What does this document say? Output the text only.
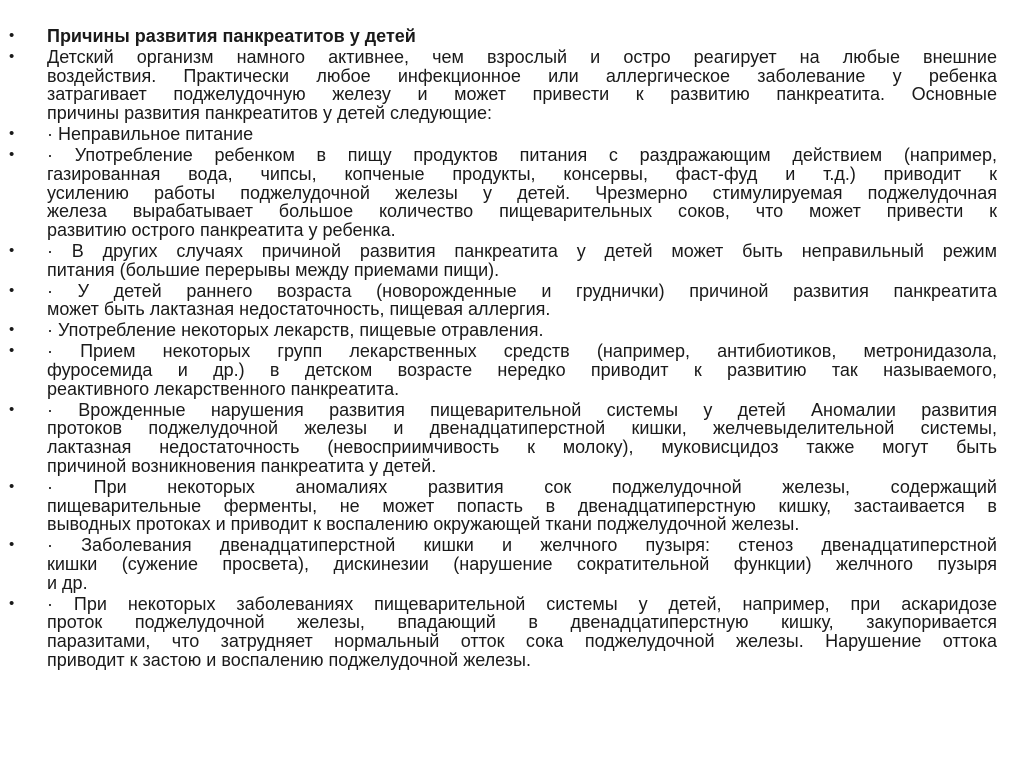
• Причины развития панкреатитов у детей
• Детский организм намного активнее, чем взрослый и остро реагирует на любые внешние
воздействия. Практически любое инфекционное или аллергическое заболевание у ребенка
затрагивает поджелудочную железу и может привести к развитию панкреатита. Основные
причины развития панкреатитов у детей следующие:
• · Неправильное питание
• · Употребление ребенком в пищу продуктов питания с раздражающим действием (например,
газированная вода, чипсы, копченые продукты, консервы, фаст-фуд и т.д.) приводит к
усилению работы поджелудочной железы у детей. Чрезмерно стимулируемая поджелудочная
железа вырабатывает большое количество пищеварительных соков, что может привести к
развитию острого панкреатита у ребенка.
• · В других случаях причиной развития панкреатита у детей может быть неправильный режим
питания (большие перерывы между приемами пищи).
• · У детей раннего возраста (новорожденные и груднички) причиной развития панкреатита
может быть лактазная недостаточность, пищевая аллергия.
• · Употребление некоторых лекарств, пищевые отравления.
• · Прием некоторых групп лекарственных средств (например, антибиотиков, метронидазола,
фуросемида и др.) в детском возрасте нередко приводит к развитию так называемого,
реактивного лекарственного панкреатита.
• · Врожденные нарушения развития пищеварительной системы у детей Аномалии развития
протоков поджелудочной железы и двенадцатиперстной кишки, желчевыделительной системы,
лактазная недостаточность (невосприимчивость к молоку), муковисцидоз также могут быть
причиной возникновения панкреатита у детей.
• · При некоторых аномалиях развития сок поджелудочной железы, содержащий
пищеварительные ферменты, не может попасть в двенадцатиперстную кишку, застаивается в
выводных протоках и приводит к воспалению окружающей ткани поджелудочной железы.
• · Заболевания двенадцатиперстной кишки и желчного пузыря: стеноз двенадцатиперстной
кишки (сужение просвета), дискинезии (нарушение сократительной функции) желчного пузыря
и др.
• · При некоторых заболеваниях пищеварительной системы у детей, например, при аскаридозе
проток поджелудочной железы, впадающий в двенадцатиперстную кишку, закупоривается
паразитами, что затрудняет нормальный отток сока поджелудочной железы. Нарушение оттока
приводит к застою и воспалению поджелудочной железы.
